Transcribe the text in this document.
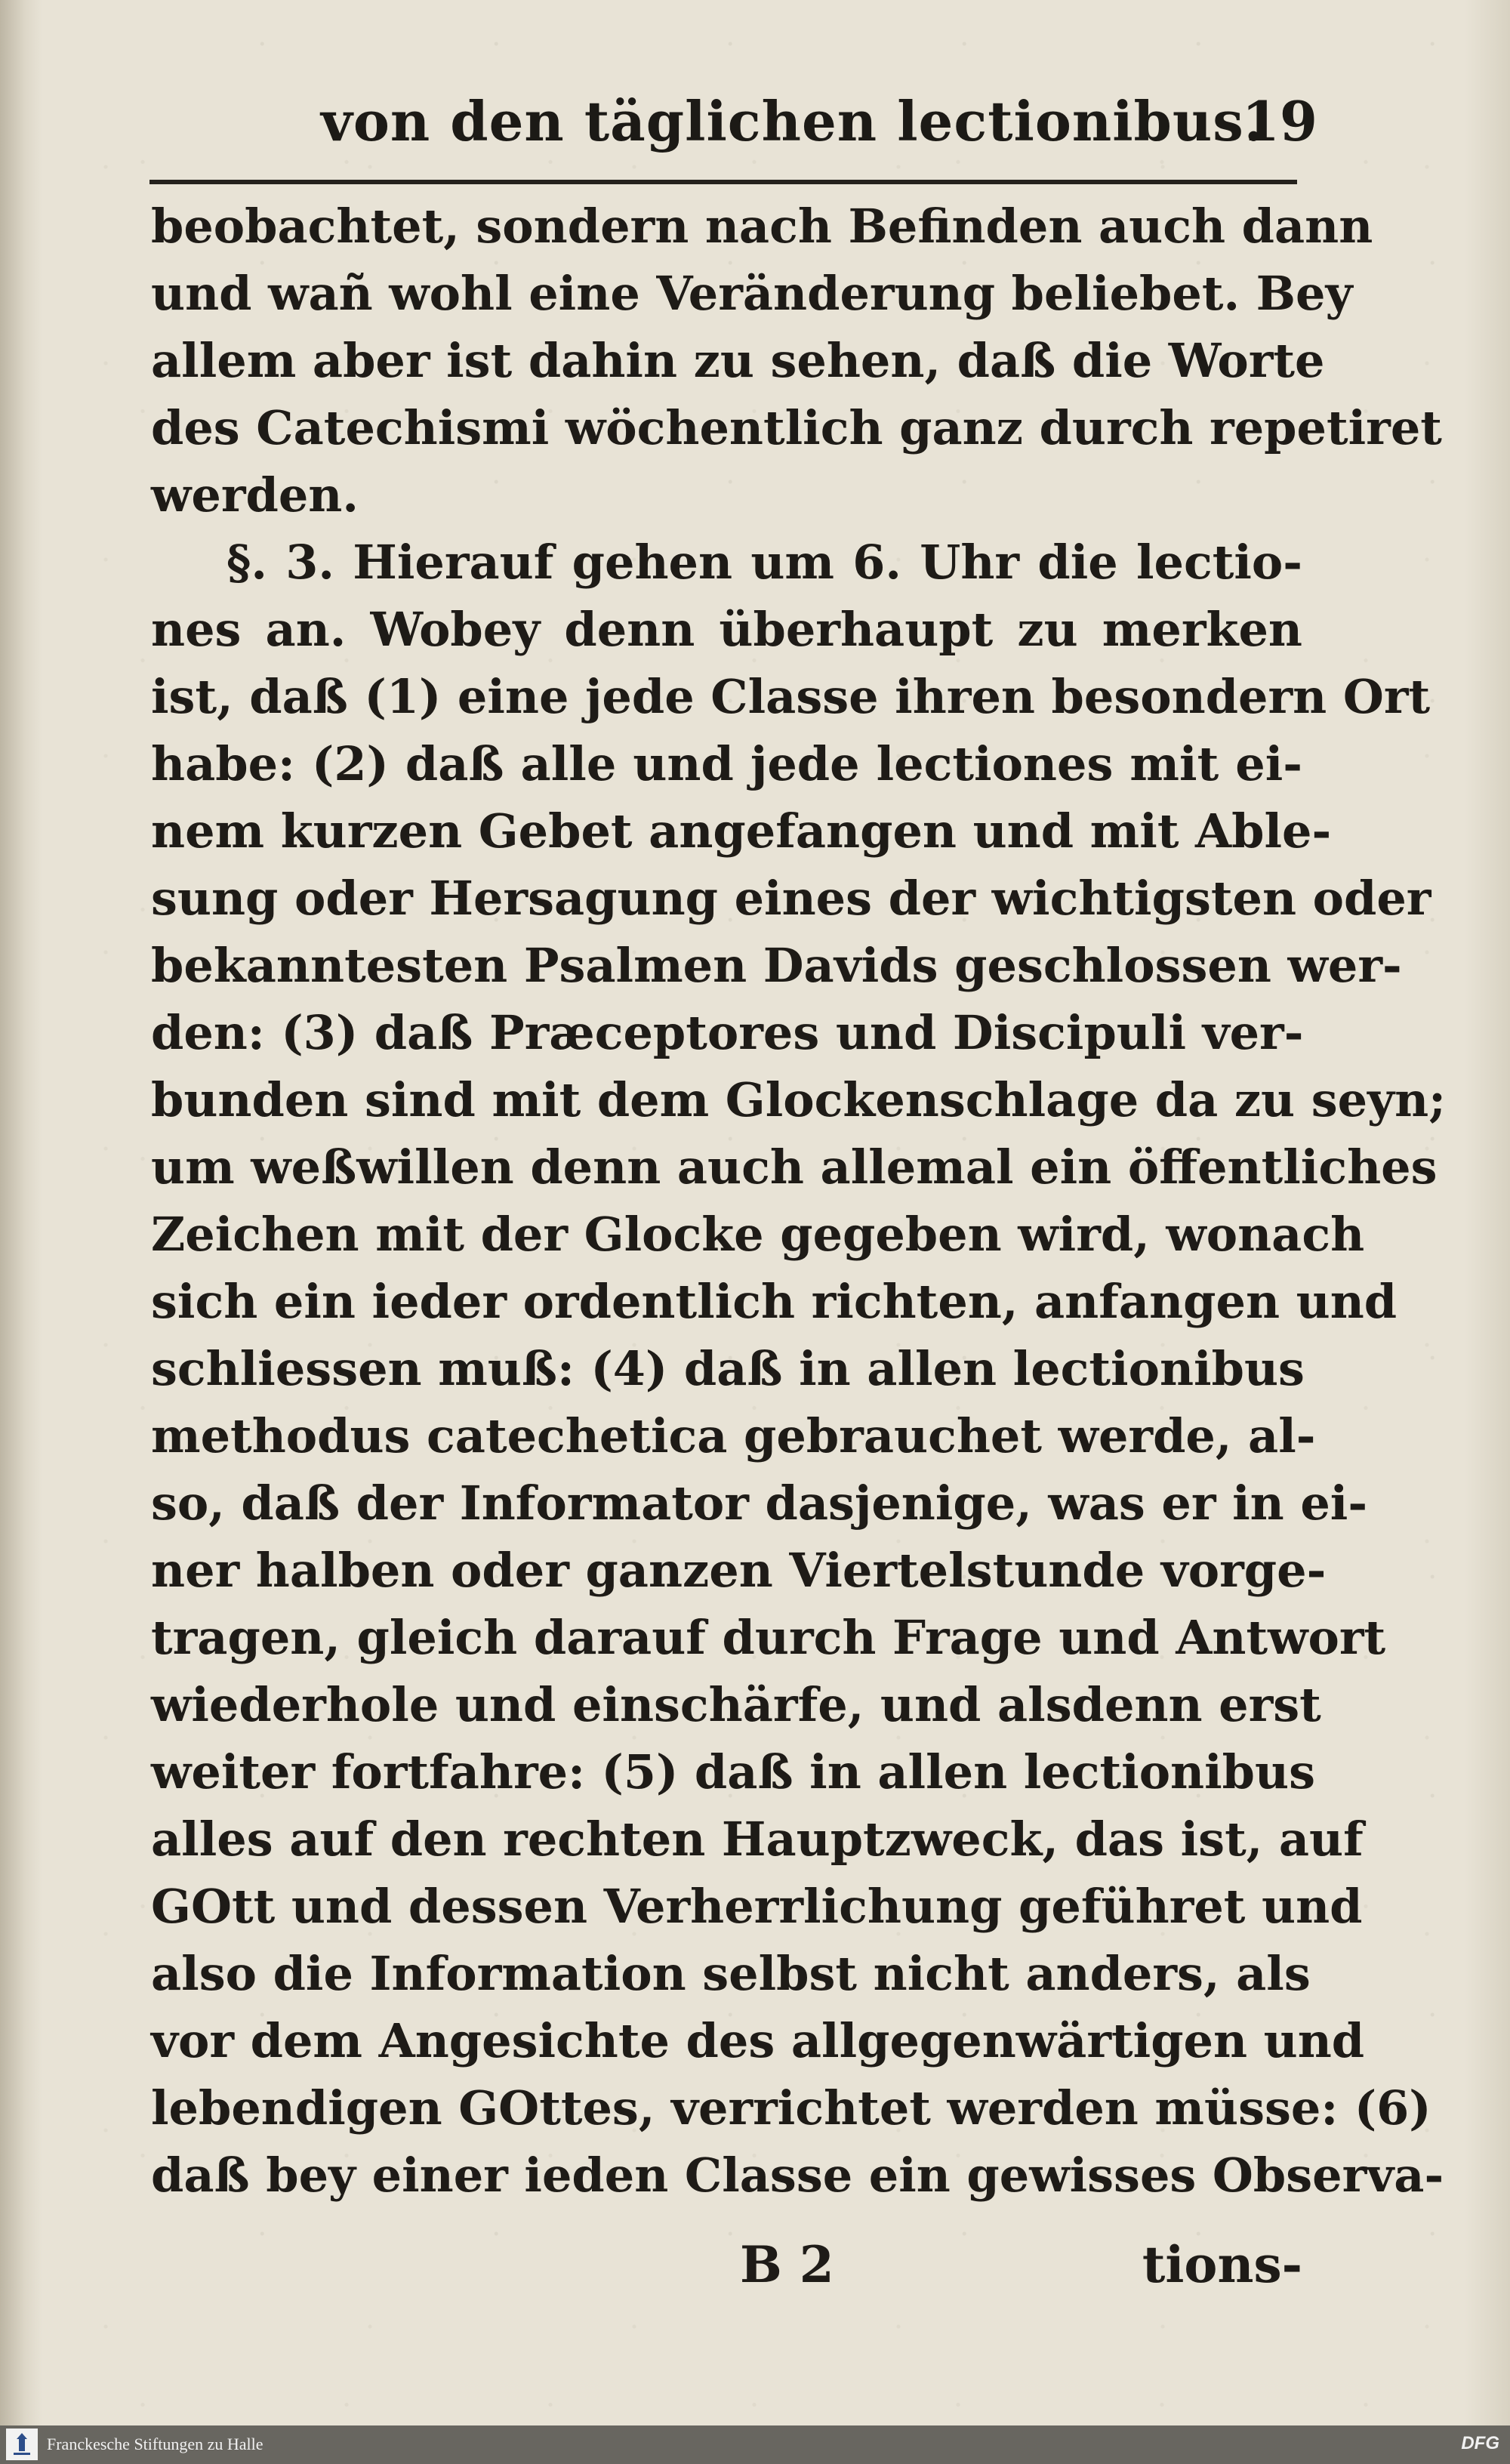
von den täglichen lectionibus.
19
beobachtet, sondern nach Befinden auch dann
und wañ wohl eine Veränderung beliebet. Bey
allem aber ist dahin zu sehen, daß die Worte
des Catechismi wöchentlich ganz durch repetiret
werden.
§. 3. Hierauf gehen um 6. Uhr die lectio-
nes an. Wobey denn überhaupt zu merken
ist, daß (1) eine jede Classe ihren besondern Ort
habe: (2) daß alle und jede lectiones mit ei-
nem kurzen Gebet angefangen und mit Able-
sung oder Hersagung eines der wichtigsten oder
bekanntesten Psalmen Davids geschlossen wer-
den: (3) daß Præceptores und Discipuli ver-
bunden sind mit dem Glockenschlage da zu seyn;
um weßwillen denn auch allemal ein öffentliches
Zeichen mit der Glocke gegeben wird, wonach
sich ein ieder ordentlich richten, anfangen und
schliessen muß: (4) daß in allen lectionibus
methodus catechetica gebrauchet werde, al-
so, daß der Informator dasjenige, was er in ei-
ner halben oder ganzen Viertelstunde vorge-
tragen, gleich darauf durch Frage und Antwort
wiederhole und einschärfe, und alsdenn erst
weiter fortfahre: (5) daß in allen lectionibus
alles auf den rechten Hauptzweck, das ist, auf
GOtt und dessen Verherrlichung geführet und
also die Information selbst nicht anders, als
vor dem Angesichte des allgegenwärtigen und
lebendigen GOttes, verrichtet werden müsse: (6)
daß bey einer ieden Classe ein gewisses Observa-
B 2	tions-
Franckesche Stiftungen zu Halle	DFG
